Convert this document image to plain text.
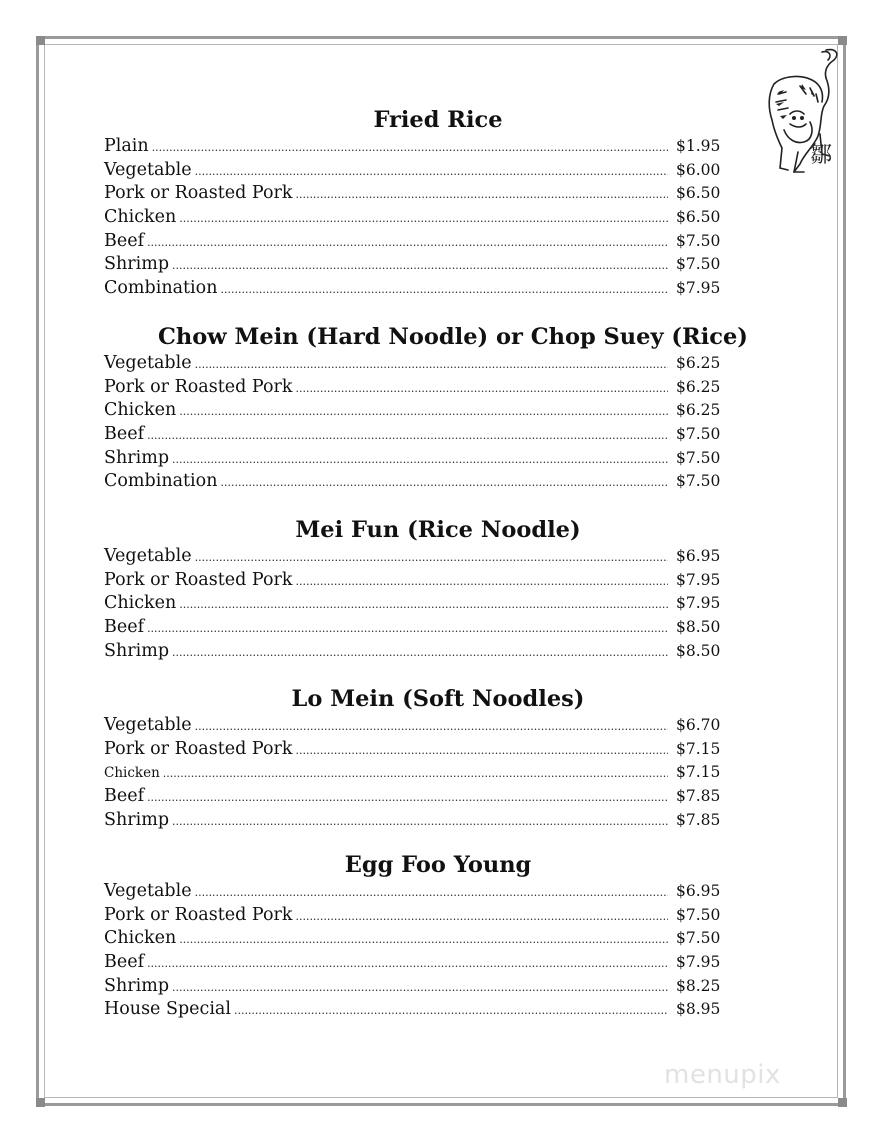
鄒
Fried Rice
Plain .....	$1.95
Vegetable .....	$6.00
Pork or Roasted Pork .....	$6.50
Chicken .....	$6.50
Beef .....	$7.50
Shrimp .....	$7.50
Combination .....	$7.95
Chow Mein (Hard Noodle) or Chop Suey (Rice)
Vegetable .....	$6.25
Pork or Roasted Pork .....	$6.25
Chicken .....	$6.25
Beef .....	$7.50
Shrimp .....	$7.50
Combination .....	$7.50
Mei Fun (Rice Noodle)
Vegetable .....	$6.95
Pork or Roasted Pork .....	$7.95
Chicken .....	$7.95
Beef .....	$8.50
Shrimp .....	$8.50
Lo Mein (Soft Noodles)
Vegetable .....	$6.70
Pork or Roasted Pork .....	$7.15
Chicken .....	$7.15
Beef .....	$7.85
Shrimp .....	$7.85
Egg Foo Young
Vegetable .....	$6.95
Pork or Roasted Pork .....	$7.50
Chicken .....	$7.50
Beef .....	$7.95
Shrimp .....	$8.25
House Special .....	$8.95
menupix
